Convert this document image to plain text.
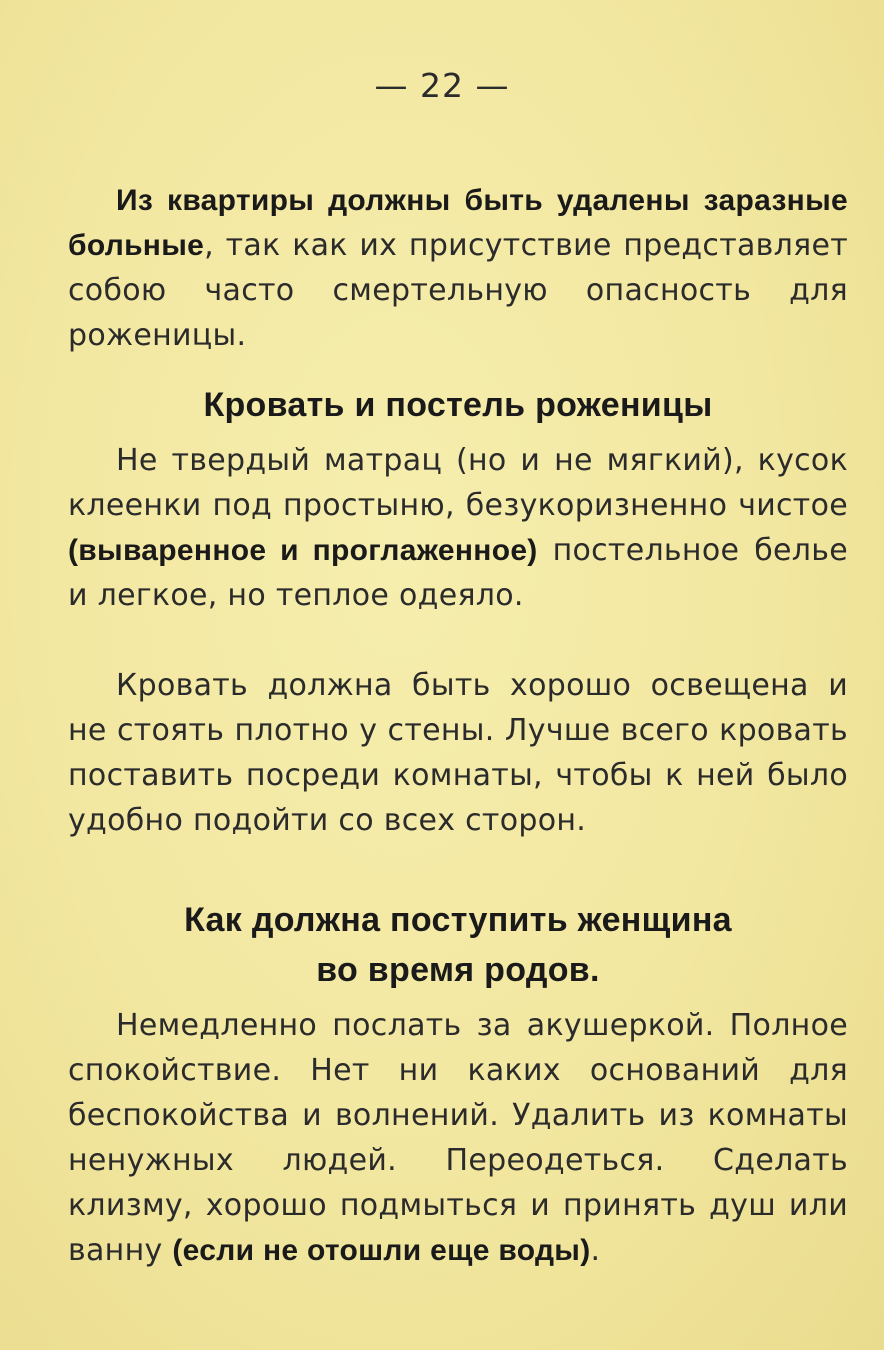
— 22 —

Из квартиры должны быть удалены заразные больные, так как их присутствие представляет собою часто смертельную опасность для роженицы.

Кровать и постель роженицы

Не твердый матрац (но и не мягкий), кусок клеенки под простыню, безукоризненно чистое (вываренное и проглаженное) постельное белье и легкое, но теплое одеяло.

Кровать должна быть хорошо освещена и не стоять плотно у стены. Лучше всего кровать поставить посреди комнаты, чтобы к ней было удобно подойти со всех сторон.

Как должна поступить женщина

во время родов.

Немедленно послать за акушеркой. Полное спокойствие. Нет ни каких оснований для беспокойства и волнений. Удалить из комнаты ненужных людей. Переодеться. Сделать клизму, хорошо подмыться и принять душ или ванну (если не отошли еще воды).
